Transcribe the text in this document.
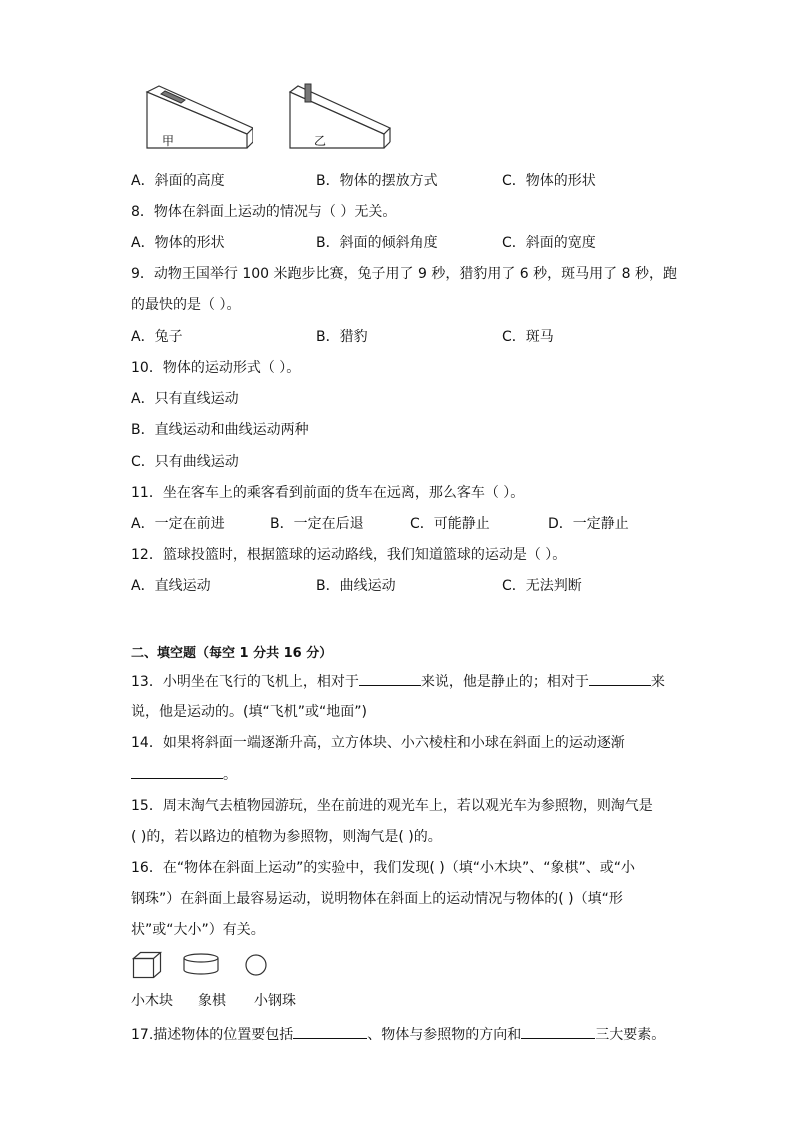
甲	乙
A．斜面的高度	B．物体的摆放方式	C．物体的形状
8．物体在斜面上运动的情况与（ ）无关。
A．物体的形状	B．斜面的倾斜角度	C．斜面的宽度
9．动物王国举行 100 米跑步比赛，兔子用了 9 秒，猎豹用了 6 秒，斑马用了 8 秒，跑
的最快的是（ ）。
A．兔子	B．猎豹	C．斑马
10．物体的运动形式（ ）。
A．只有直线运动
B．直线运动和曲线运动两种
C．只有曲线运动
11．坐在客车上的乘客看到前面的货车在远离，那么客车（ ）。
A．一定在前进	B．一定在后退	C．可能静止	D．一定静止
12．篮球投篮时，根据篮球的运动路线，我们知道篮球的运动是（ ）。
A．直线运动	B．曲线运动	C．无法判断
二、填空题（每空 1 分共 16 分）
13．小明坐在飞行的飞机上，相对于	来说，他是静止的；相对于	来
说，他是运动的。(填“飞机”或“地面”)
14．如果将斜面一端逐渐升高，立方体块、小六棱柱和小球在斜面上的运动逐渐
。
15．周末淘气去植物园游玩，坐在前进的观光车上，若以观光车为参照物，则淘气是
( )的，若以路边的植物为参照物，则淘气是( )的。
16．在“物体在斜面上运动”的实验中，我们发现( )（填“小木块”、“象棋”、或“小
钢珠”）在斜面上最容易运动，说明物体在斜面上的运动情况与物体的( )（填“形
状”或“大小”）有关。
小木块 象棋 小钢珠
17.描述物体的位置要包括	、物体与参照物的方向和	三大要素。
